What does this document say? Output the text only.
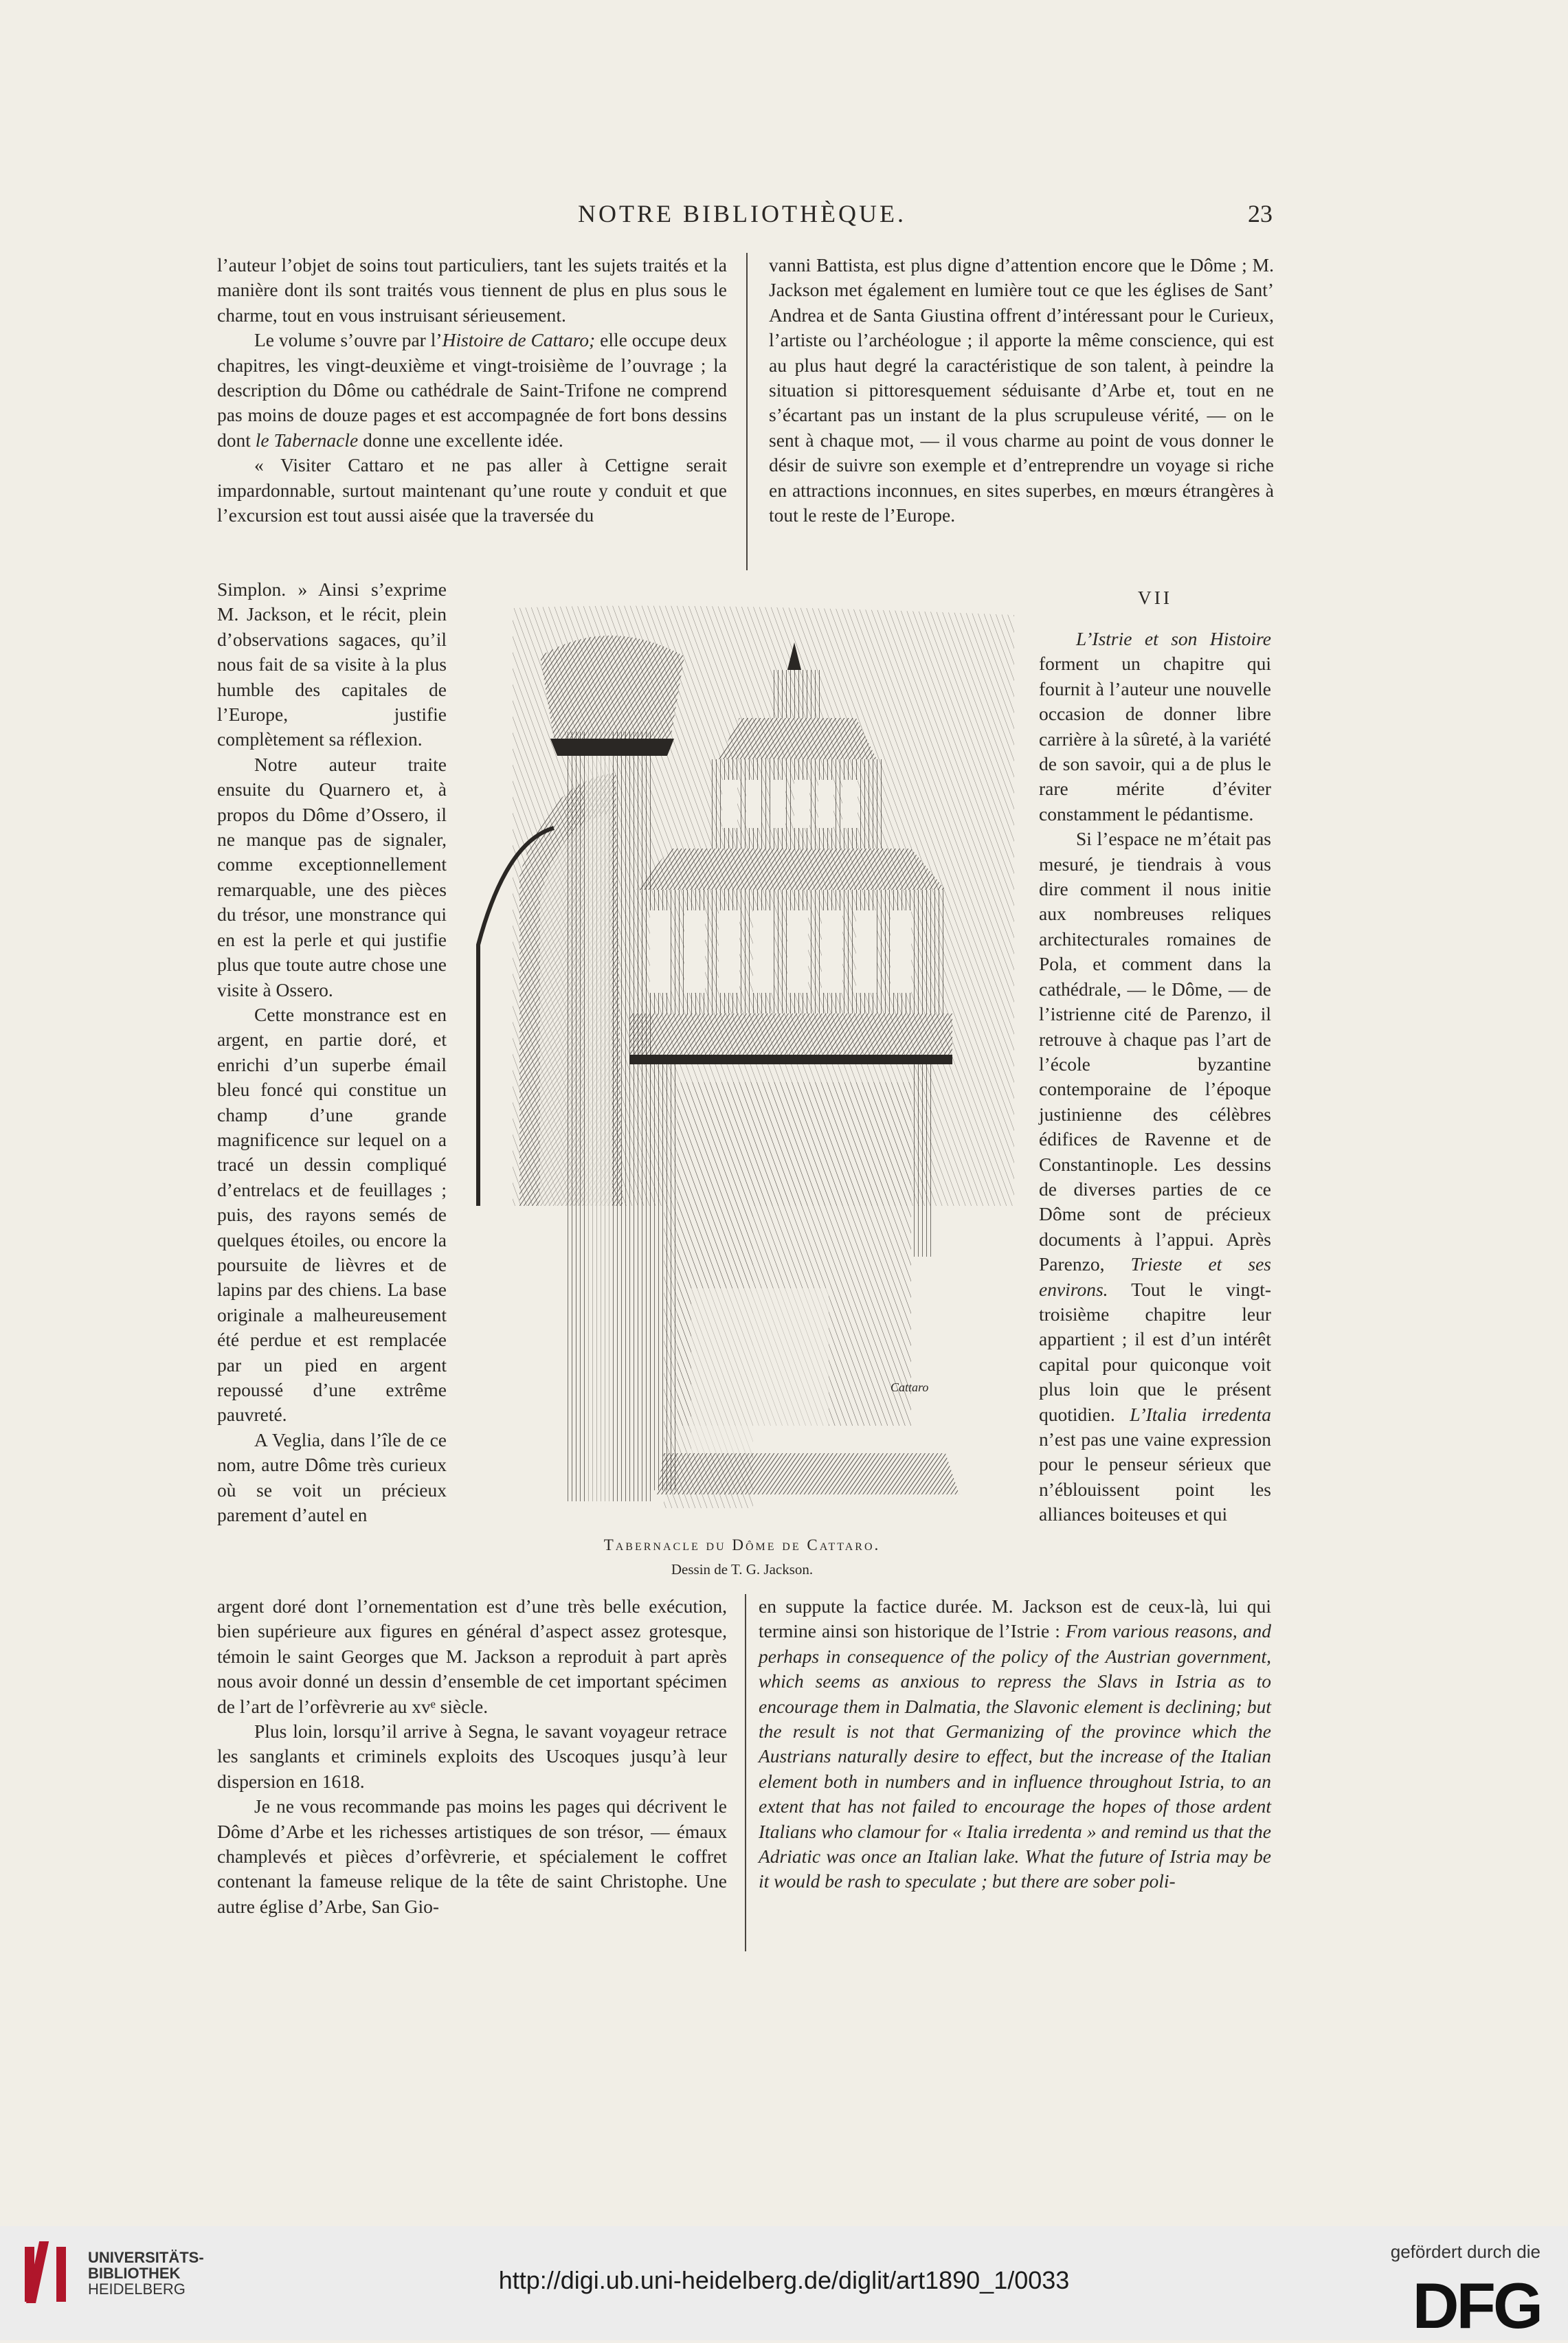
NOTRE BIBLIOTHÈQUE.	23

l’auteur l’objet de soins tout particuliers, tant les sujets traités et la manière dont ils sont traités vous tiennent de plus en plus sous le charme, tout en vous instruisant sérieusement.

Le volume s’ouvre par l’Histoire de Cattaro; elle occupe deux chapitres, les vingt-deuxième et vingt-troisième de l’ouvrage ; la description du Dôme ou cathédrale de Saint-Trifone ne comprend pas moins de douze pages et est accompagnée de fort bons dessins dont le Tabernacle donne une excellente idée.

« Visiter Cattaro et ne pas aller à Cettigne serait impardonnable, surtout maintenant qu’une route y conduit et que l’excursion est tout aussi aisée que la traversée du

Simplon. » Ainsi s’exprime M. Jackson, et le récit, plein d’observations sagaces, qu’il nous fait de sa visite à la plus humble des capitales de l’Europe, justifie complètement sa réflexion.

Notre auteur traite ensuite du Quarnero et, à propos du Dôme d’Ossero, il ne manque pas de signaler, comme exceptionnellement remarquable, une des pièces du trésor, une monstrance qui en est la perle et qui justifie plus que toute autre chose une visite à Ossero.

Cette monstrance est en argent, en partie doré, et enrichi d’un superbe émail bleu foncé qui constitue un champ d’une grande magnificence sur lequel on a tracé un dessin compliqué d’entrelacs et de feuillages ; puis, des rayons semés de quelques étoiles, ou encore la poursuite de lièvres et de lapins par des chiens. La base originale a malheureusement été perdue et est remplacée par un pied en argent repoussé d’une extrême pauvreté.

A Veglia, dans l’île de ce nom, autre Dôme très curieux où se voit un précieux parement d’autel en

argent doré dont l’ornementation est d’une très belle exécution, bien supérieure aux figures en général d’aspect assez grotesque, témoin le saint Georges que M. Jackson a reproduit à part après nous avoir donné un dessin d’ensemble de cet important spécimen de l’art de l’orfèvrerie au xvᵉ siècle.

Plus loin, lorsqu’il arrive à Segna, le savant voyageur retrace les sanglants et criminels exploits des Uscoques jusqu’à leur dispersion en 1618.

Je ne vous recommande pas moins les pages qui décrivent le Dôme d’Arbe et les richesses artistiques de son trésor, — émaux champlevés et pièces d’orfèvrerie, et spécialement le coffret contenant la fameuse relique de la tête de saint Christophe. Une autre église d’Arbe, San Gio-

vanni Battista, est plus digne d’attention encore que le Dôme ; M. Jackson met également en lumière tout ce que les églises de Sant’ Andrea et de Santa Giustina offrent d’intéressant pour le Curieux, l’artiste ou l’archéologue ; il apporte la même conscience, qui est au plus haut degré la caractéristique de son talent, à peindre la situation si pittoresquement séduisante d’Arbe et, tout en ne s’écartant pas un instant de la plus scrupuleuse vérité, — on le sent à chaque mot, — il vous charme au point de vous donner le désir de suivre son exemple et d’entreprendre un voyage si riche en attractions inconnues, en sites superbes, en mœurs étrangères à tout le reste de l’Europe.

VII

L’Istrie et son Histoire forment un chapitre qui fournit à l’auteur une nouvelle occasion de donner libre carrière à la sûreté, à la variété de son savoir, qui a de plus le rare mérite d’éviter constamment le pédantisme.

Si l’espace ne m’était pas mesuré, je tiendrais à vous dire comment il nous initie aux nombreuses reliques architecturales romaines de Pola, et comment dans la cathédrale, — le Dôme, — de l’istrienne cité de Parenzo, il retrouve à chaque pas l’art de l’école byzantine contemporaine de l’époque justinienne des célèbres édifices de Ravenne et de Constantinople. Les dessins de diverses parties de ce Dôme sont de précieux documents à l’appui. Après Parenzo, Trieste et ses environs. Tout le vingt-troisième chapitre leur appartient ; il est d’un intérêt capital pour quiconque voit plus loin que le présent quotidien. L’Italia irredenta n’est pas une vaine expression pour le penseur sérieux que n’éblouissent point les alliances boiteuses et qui

en suppute la factice durée. M. Jackson est de ceux-là, lui qui termine ainsi son historique de l’Istrie : From various reasons, and perhaps in consequence of the policy of the Austrian government, which seems as anxious to repress the Slavs in Istria as to encourage them in Dalmatia, the Slavonic element is declining; but the result is not that Germanizing of the province which the Austrians naturally desire to effect, but the increase of the Italian element both in numbers and in influence throughout Istria, to an extent that has not failed to encourage the hopes of those ardent Italians who clamour for « Italia irredenta » and remind us that the Adriatic was once an Italian lake. What the future of Istria may be it would be rash to speculate ; but there are sober poli-

Cattaro
Tabernacle du Dôme de Cattaro.
Dessin de T. G. Jackson.
UNIVERSITÄTS-
BIBLIOTHEK
HEIDELBERG	http://digi.ub.uni-heidelberg.de/diglit/art1890_1/0033
gefördert durch die
DFG
